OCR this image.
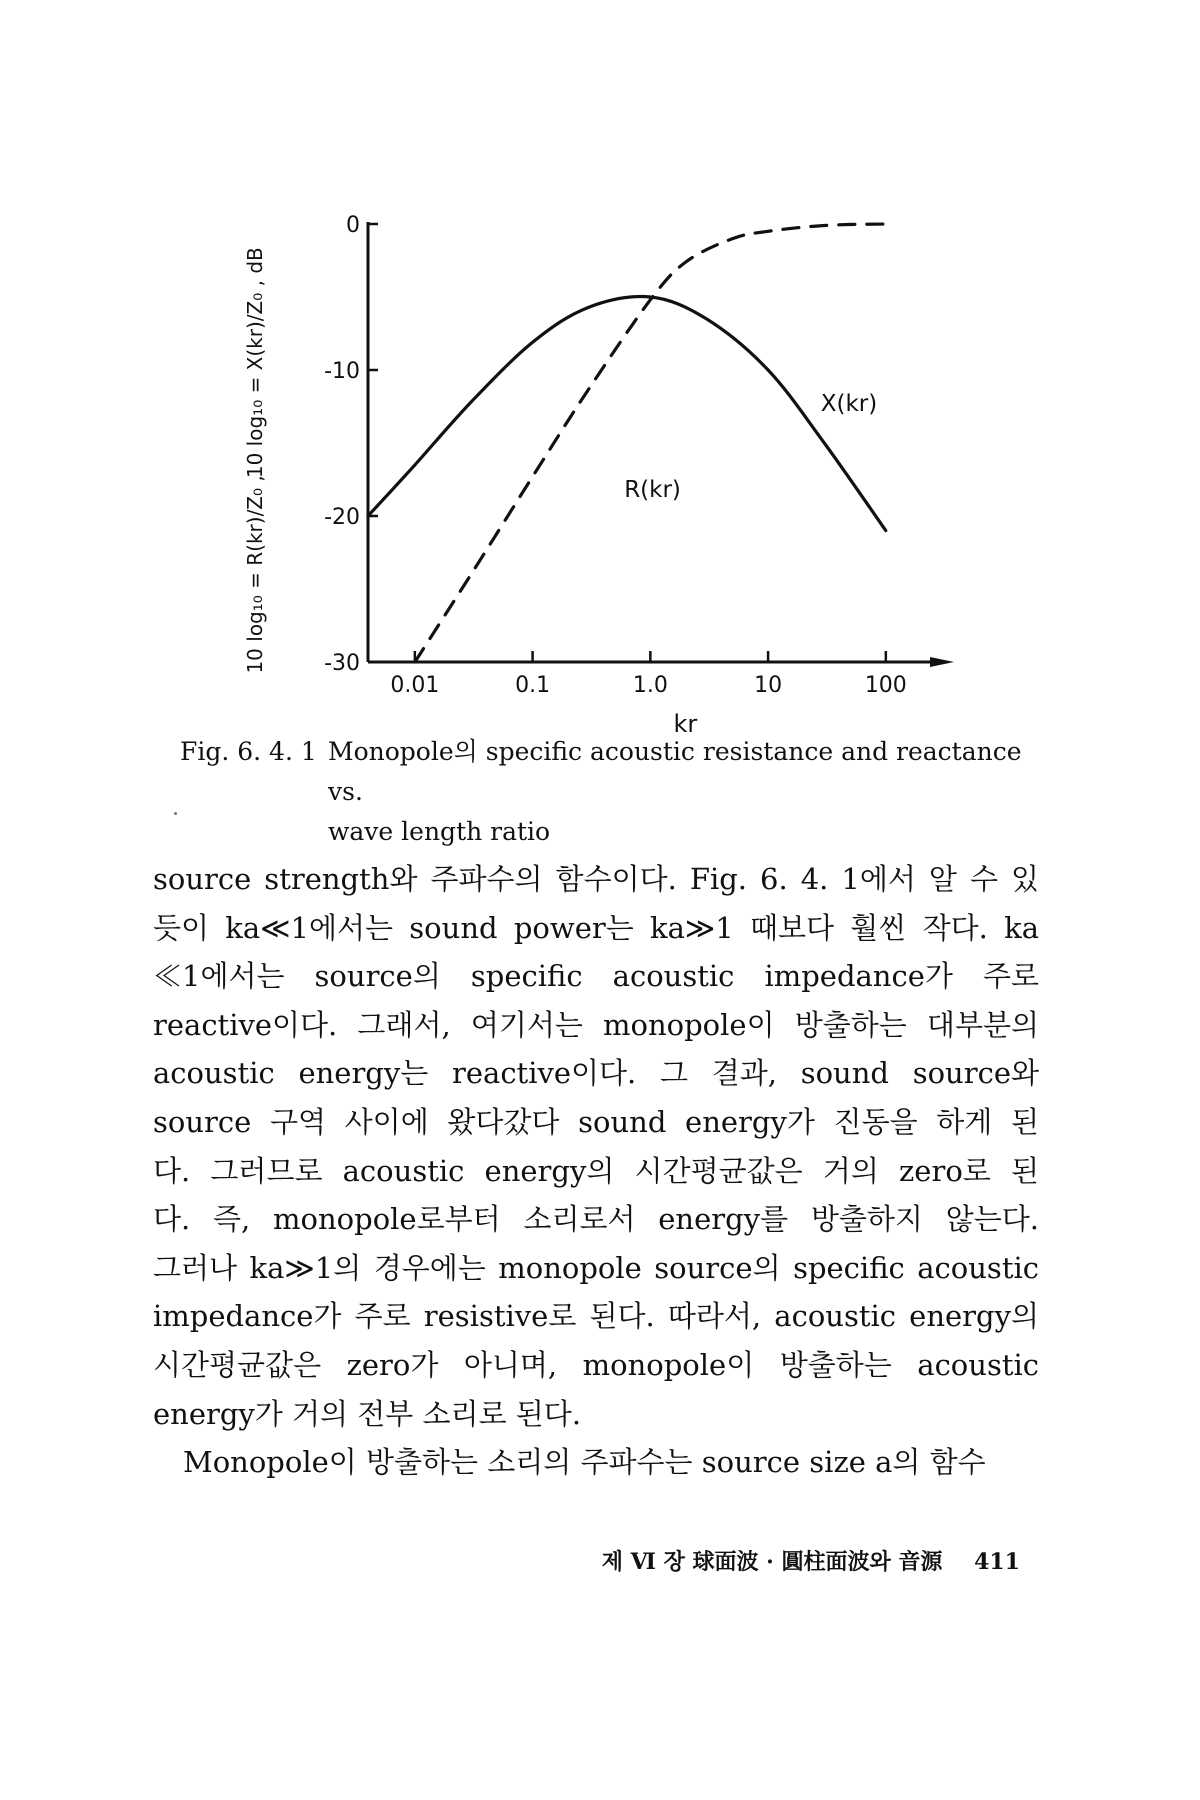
10 log₁₀ = X(kr)/Z₀ , dB
10 log₁₀ = R(kr)/Z₀ ,
0
-10
-20
-30
0.01	0.1	1.0	10	100
X(kr)
R(kr)
kr
Fig. 6. 4. 1 Monopole의 specific acoustic resistance and reactance vs.
wave length ratio

source strength와 주파수의 함수이다. Fig. 6. 4. 1에서 알 수 있

듯이 ka≪1에서는 sound power는 ka≫1 때보다 훨씬 작다. ka

≪1에서는 source의 specific acoustic impedance가 주로

reactive이다. 그래서, 여기서는 monopole이 방출하는 대부분의

acoustic energy는 reactive이다. 그 결과, sound source와

source 구역 사이에 왔다갔다 sound energy가 진동을 하게 된

다. 그러므로 acoustic energy의 시간평균값은 거의 zero로 된

다. 즉, monopole로부터 소리로서 energy를 방출하지 않는다.

그러나 ka≫1의 경우에는 monopole source의 specific acoustic

impedance가 주로 resistive로 된다. 따라서, acoustic energy의

시간평균값은 zero가 아니며, monopole이 방출하는 acoustic

energy가 거의 전부 소리로 된다.

Monopole이 방출하는 소리의 주파수는 source size a의 함수

제 Ⅵ 장 球面波 · 圓柱面波와 音源 411
